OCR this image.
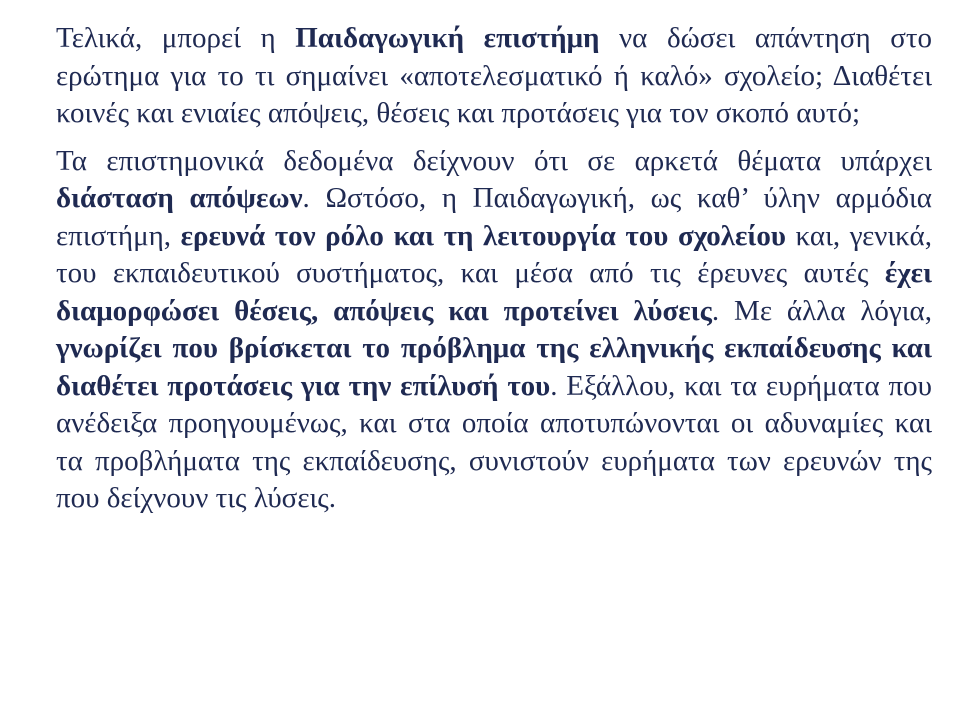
Τελικά, μπορεί η Παιδαγωγική επιστήμη να δώσει απάντηση στο ερώτημα για το τι σημαίνει «αποτελεσματικό ή καλό» σχολείο; Διαθέτει κοινές και ενιαίες απόψεις, θέσεις και προτάσεις για τον σκοπό αυτό;

Τα επιστημονικά δεδομένα δείχνουν ότι σε αρκετά θέματα υπάρχει διάσταση απόψεων. Ωστόσο, η Παιδαγωγική, ως καθ’ ύλην αρμόδια επιστήμη, ερευνά τον ρόλο και τη λειτουργία του σχολείου και, γενικά, του εκπαιδευτικού συστήματος, και μέσα από τις έρευνες αυτές έχει διαμορφώσει θέσεις, απόψεις και προτείνει λύσεις. Με άλλα λόγια, γνωρίζει που βρίσκεται το πρόβλημα της ελληνικής εκπαίδευσης και διαθέτει προτάσεις για την επίλυσή του. Εξάλλου, και τα ευρήματα που ανέδειξα προηγουμένως, και στα οποία αποτυπώνονται οι αδυναμίες και τα προβλήματα της εκπαίδευσης, συνιστούν ευρήματα των ερευνών της που δείχνουν τις λύσεις.
